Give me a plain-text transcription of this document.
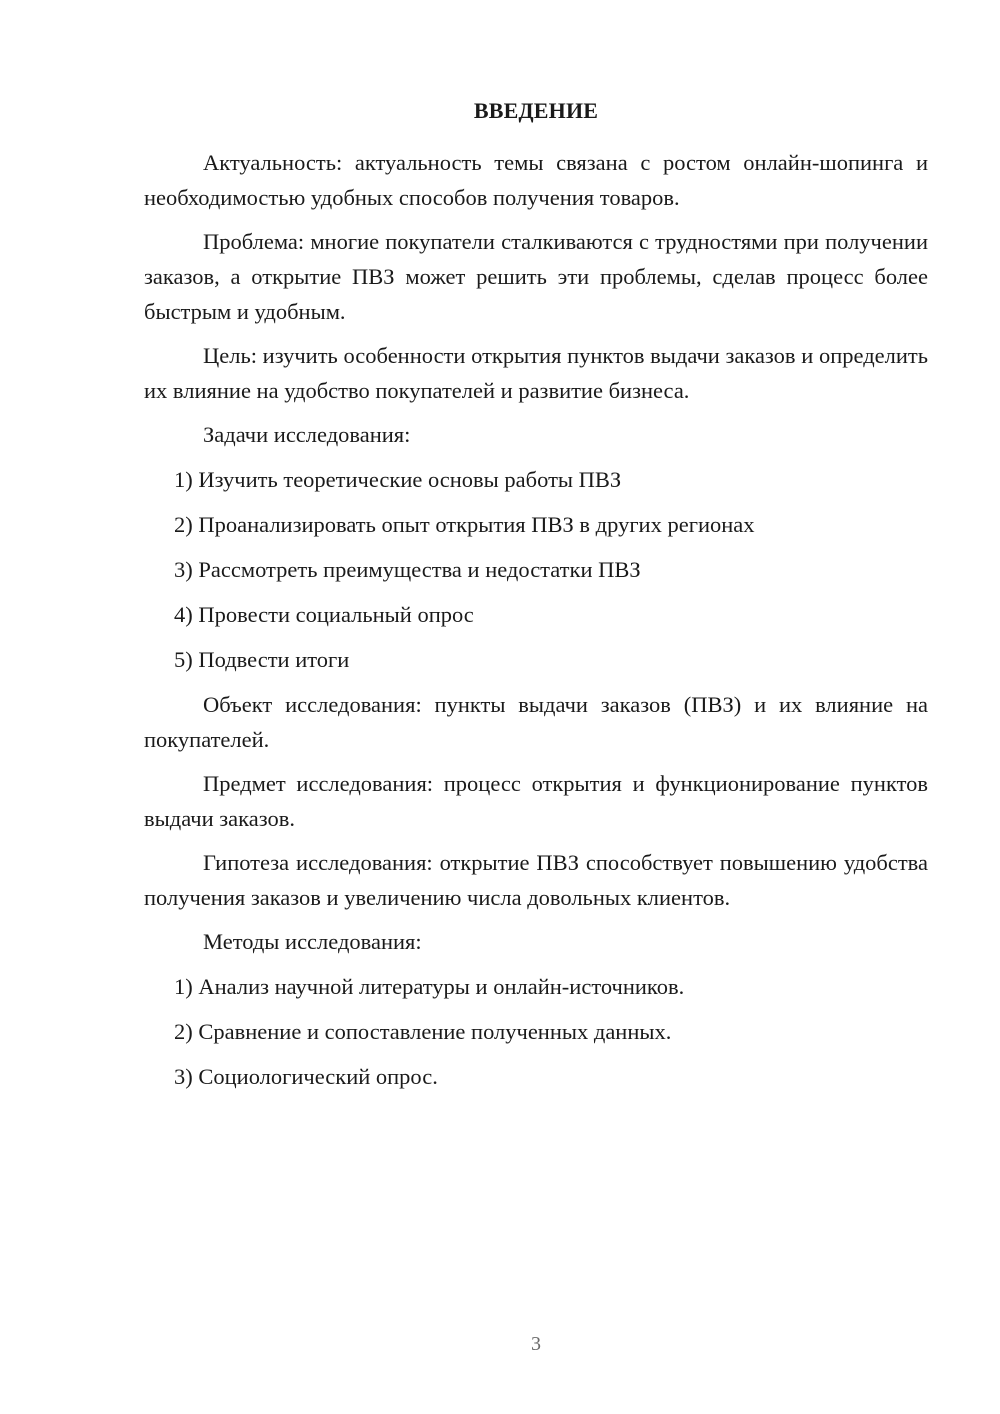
ВВЕДЕНИЕ

Актуальность: актуальность темы связана с ростом онлайн-шопинга и необходимостью удобных способов получения товаров.

Проблема: многие покупатели сталкиваются с трудностями при получении заказов, а открытие ПВЗ может решить эти проблемы, сделав процесс более быстрым и удобным.

Цель: изучить особенности открытия пунктов выдачи заказов и определить их влияние на удобство покупателей и развитие бизнеса.

Задачи исследования:

1) Изучить теоретические основы работы ПВЗ

2) Проанализировать опыт открытия ПВЗ в других регионах

3) Рассмотреть преимущества и недостатки ПВЗ

4) Провести социальный опрос

5) Подвести итоги

Объект исследования: пункты выдачи заказов (ПВЗ) и их влияние на покупателей.

Предмет исследования: процесс открытия и функционирование пунктов выдачи заказов.

Гипотеза исследования: открытие ПВЗ способствует повышению удобства получения заказов и увеличению числа довольных клиентов.

Методы исследования:

1) Анализ научной литературы и онлайн-источников.

2) Сравнение и сопоставление полученных данных.

3) Социологический опрос.

3
